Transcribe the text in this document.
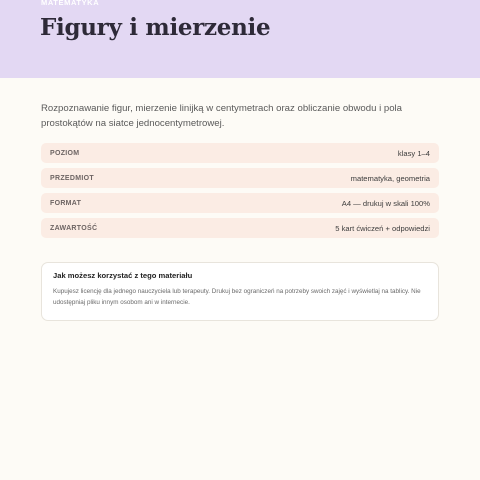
MATEMATYKA
Figury i mierzenie

Rozpoznawanie figur, mierzenie linijką w centymetrach oraz obliczanie obwodu i pola prostokątów na siatce jednocentymetrowej.

POZIOM	klasy 1–4
PRZEDMIOT	matematyka, geometria
FORMAT	A4 — drukuj w skali 100%
ZAWARTOŚĆ	5 kart ćwiczeń + odpowiedzi
Jak możesz korzystać z tego materiału
Kupujesz licencję dla jednego nauczyciela lub terapeuty. Drukuj bez ograniczeń na potrzeby swoich zajęć i wyświetlaj na tablicy. Nie udostępniaj pliku innym osobom ani w internecie.
